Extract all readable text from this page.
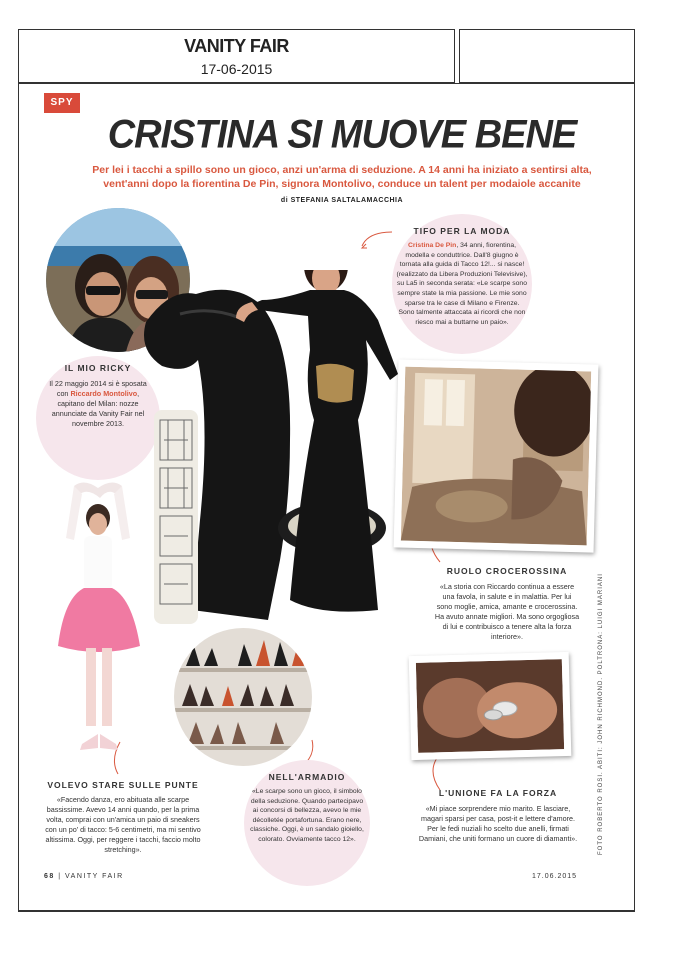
VANITY FAIR
17-06-2015
SPY
CRISTINA SI MUOVE BENE
Per lei i tacchi a spillo sono un gioco, anzi un'arma di seduzione. A 14 anni ha iniziato a sentirsi alta,
vent'anni dopo la fiorentina De Pin, signora Montolivo, conduce un talent per modaiole accanite
di STEFANIA SALTALAMACCHIA
IL MIO RICKY
Il 22 maggio 2014 si è sposata con Riccardo Montolivo, capitano del Milan: nozze annunciate da Vanity Fair nel novembre 2013.
TIFO PER LA MODA
Cristina De Pin, 34 anni, fiorentina, modella e conduttrice. Dall'8 giugno è tornata alla guida di Tacco 12!... si nasce! (realizzato da Libera Produzioni Televisive), su La5 in seconda serata: «Le scarpe sono sempre state la mia passione. Le mie sono sparse tra le case di Milano e Firenze. Sono talmente attaccata ai ricordi che non riesco mai a buttarne un paio».
RUOLO CROCEROSSINA
«La storia con Riccardo continua a essere una favola, in salute e in malattia. Per lui sono moglie, amica, amante e crocerossina. Ha avuto annate migliori. Ma sono orgogliosa di lui e contribuisco a tenere alta la forza interiore».
VOLEVO STARE SULLE PUNTE
«Facendo danza, ero abituata alle scarpe bassissime. Avevo 14 anni quando, per la prima volta, comprai con un'amica un paio di sneakers con un po' di tacco: 5-6 centimetri, ma mi sentivo altissima. Oggi, per reggere i tacchi, faccio molto stretching».
NELL'ARMADIO
«Le scarpe sono un gioco, il simbolo della seduzione. Quando partecipavo ai concorsi di bellezza, avevo le mie décolletée portafortuna. Erano nere, classiche. Oggi, è un sandalo gioiello, colorato. Ovviamente tacco 12».
L'UNIONE FA LA FORZA
«Mi piace sorprendere mio marito. E lasciare, magari sparsi per casa, post-it e lettere d'amore. Per le fedi nuziali ho scelto due anelli, firmati Damiani, che uniti formano un cuore di diamanti».
68 | VANITY FAIR	17.06.2015
FOTO ROBERTO ROSI. ABITI: JOHN RICHMOND. POLTRONA: LUIGI MARIANI
